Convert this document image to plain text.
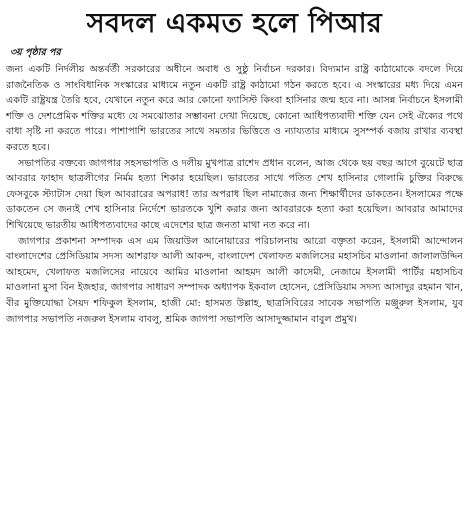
সবদল একমত হলে পিআর
৩য় পৃষ্ঠার পর

জন্য একটি নির্দলীয় অন্তর্বর্তী সরকারের অধীনে অবাধ ও সুষ্ঠু নির্বাচন দরকার। বিদ্যমান রাষ্ট্র কাঠামোকে বদলে দিয়ে রাজনৈতিক ও সাংবিধানিক সংস্কারের মাধ্যমে নতুন একটি রাষ্ট্র কাঠামো গঠন করতে হবে। এ সংস্কারের মধ্য দিয়ে এমন একটি রাষ্ট্রযন্ত্র তৈরি হবে, যেখানে নতুন করে আর কোনো ফ্যাসিস্ট কিংবা হাসিনার জন্ম হবে না। আসন্ন নির্বাচনে ইসলামী শক্তি ও দেশপ্রেমিক শক্তির মধ্যে যে সমঝোতার সম্ভাবনা দেখা দিয়েছে, কোনো আধিপত্যবাদী শক্তি যেন সেই ঐক্যের পথে বাধা সৃষ্টি না করতে পারে। পাশাপাশি ভারতের সাথে সমতার ভিত্তিতে ও ন্যায্যতার মাধ্যমে সুসম্পর্ক বজায় রাখার ব্যবস্থা করতে হবে।

সভাপতির বক্তব্যে জাগপার সহসভাপতি ও দলীয় মুখপাত্র রাশেদ প্রধান বলেন, আজ থেকে ছয় বছর আগে বুয়েটে ছাত্র আবরার ফাহাদ ছাত্রলীগের নির্মম হত্যা শিকার হয়েছিল। ভারতের সাথে পতিত শেখ হাসিনার গোলামি চুক্তির বিরুদ্ধে ফেসবুকে স্ট্যাটাস দেয়া ছিল আবরারের অপরাধ! তার অপরাধ ছিল নামাজের জন্য শিক্ষার্থীদের ডাকতেন। ইসলামের পক্ষে ডাকতেন সে জন্যই শেখ হাসিনার নির্দেশে ভারতকে খুশি করার জন্য আবরারকে হত্যা করা হয়েছিল। আবরার আমাদের শিখিয়েছে ভারতীয় আধিপত্যবাদের কাছে এদেশের ছাত্র জনতা মাথা নত করে না।

জাগপার প্রকাশনা সম্পাদক এস এম জিয়াউল আনোয়ারের পরিচালনায় আরো বক্তৃতা করেন, ইসলামী আন্দোলন বাংলাদেশের প্রেসিডিয়াম সদস্য আশরাফ আলী আকন্দ, বাংলাদেশ খেলাফত মজলিসের মহাসচিব মাওলানা জালালউদ্দিন আহমেদ, খেলাফত মজলিসের নায়েবে আমির মাওলানা আহমদ আলী কাসেমী, নেজামে ইসলামী পার্টির মহাসচিব মাওলানা মুসা বিন ইজহার, জাগপার সাধারণ সম্পাদক অধ্যাপক ইকবাল হোসেন, প্রেসিডিয়াম সদস্য আসাদুর রহমান খান, বীর মুক্তিযোদ্ধা সৈয়দ শফিকুল ইসলাম, হাজী মো: হাসমত উল্লাহ, ছাত্রসিবিরের সাবেক সভাপতি মঞ্জুরুল ইসলাম, যুব জাগপার সভাপতি নজরুল ইসলাম বাবলু, শ্রমিক জাগপা সভাপতি আসাদুজ্জামান বাবুল প্রমুখ।
